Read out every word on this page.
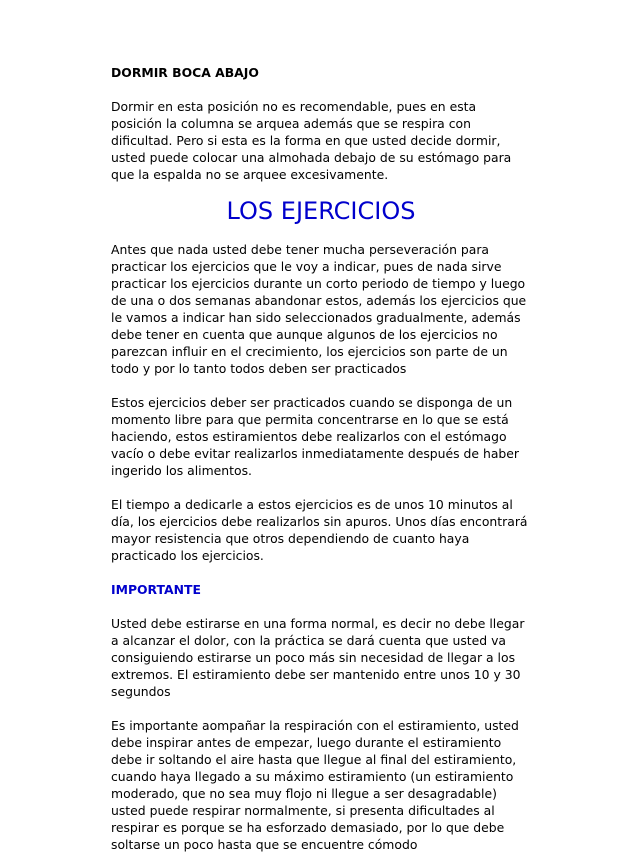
DORMIR BOCA ABAJO

Dormir en esta posición no es recomendable, pues en esta posición la columna se arquea además que se respira con dificultad. Pero si esta es la forma en que usted decide dormir, usted puede colocar una almohada debajo de su estómago para que la espalda no se arquee excesivamente.

LOS EJERCICIOS

Antes que nada usted debe tener mucha perseveración para practicar los ejercicios que le voy a indicar, pues de nada sirve practicar los ejercicios durante un corto periodo de tiempo y luego de una o dos semanas abandonar estos, además los ejercicios que le vamos a indicar han sido seleccionados gradualmente, además debe tener en cuenta que aunque algunos de los ejercicios no parezcan influir en el crecimiento, los ejercicios son parte de un todo y por lo tanto todos deben ser practicados

Estos ejercicios deber ser practicados cuando se disponga de un momento libre para que permita concentrarse en lo que se está haciendo, estos estiramientos debe realizarlos con el estómago vacío o debe evitar realizarlos inmediatamente después de haber ingerido los alimentos.

El tiempo a dedicarle a estos ejercicios es de unos 10 minutos al día, los ejercicios debe realizarlos sin apuros. Unos días encontrará mayor resistencia que otros dependiendo de cuanto haya practicado los ejercicios.

IMPORTANTE

Usted debe estirarse en una forma normal, es decir no debe llegar a alcanzar el dolor, con la práctica se dará cuenta que usted va consiguiendo estirarse un poco más sin necesidad de llegar a los extremos. El estiramiento debe ser mantenido entre unos 10 y 30 segundos

Es importante aompañar la respiración con el estiramiento, usted debe inspirar antes de empezar, luego durante el estiramiento debe ir soltando el aire hasta que llegue al final del estiramiento, cuando haya llegado a su máximo estiramiento (un estiramiento moderado, que no sea muy flojo ni llegue a ser desagradable) usted puede respirar normalmente, si presenta dificultades al respirar es porque se ha esforzado demasiado, por lo que debe soltarse un poco hasta que se encuentre cómodo
